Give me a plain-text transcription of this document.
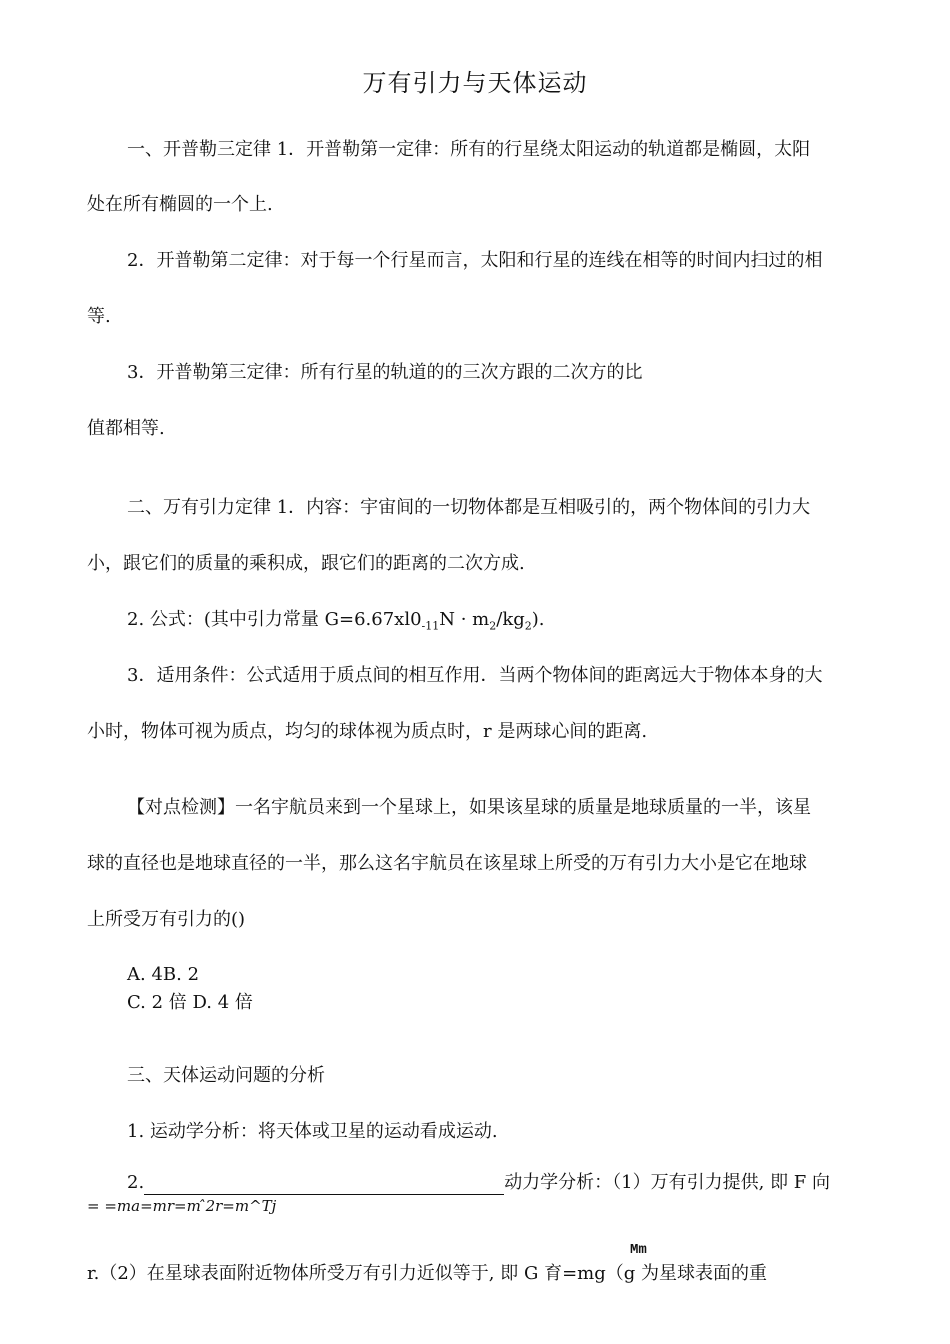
万有引力与天体运动
一、开普勒三定律 1．开普勒第一定律：所有的行星绕太阳运动的轨道都是椭圆，太阳
处在所有椭圆的一个上.
2．开普勒第二定律：对于每一个行星而言，太阳和行星的连线在相等的时间内扫过的相
等.
3．开普勒第三定律：所有行星的轨道的的三次方跟的二次方的比
值都相等.
二、万有引力定律 1．内容：宇宙间的一切物体都是互相吸引的，两个物体间的引力大
小，跟它们的质量的乘积成，跟它们的距离的二次方成.
2. 公式：(其中引力常量 $G=6.67xl0_{-11}N \cdot m_2/kg_2$).
3．适用条件：公式适用于质点间的相互作用．当两个物体间的距离远大于物体本身的大
小时，物体可视为质点，均匀的球体视为质点时，r 是两球心间的距离.
【对点检测】一名宇航员来到一个星球上，如果该星球的质量是地球质量的一半，该星
球的直径也是地球直径的一半，那么这名宇航员在该星球上所受的万有引力大小是它在地球
上所受万有引力的()
A. 4B. 2
C. 2 倍 D. 4 倍
三、天体运动问题的分析
1. 运动学分析：将天体或卫星的运动看成运动.
2.	动力学分析：（1）万有引力提供, 即 F 向
= =ma=mr=m ̂2r=m^Tj
Mm
r.（2）在星球表面附近物体所受万有引力近似等于, 即 G 育=mg（g 为星球表面的重
